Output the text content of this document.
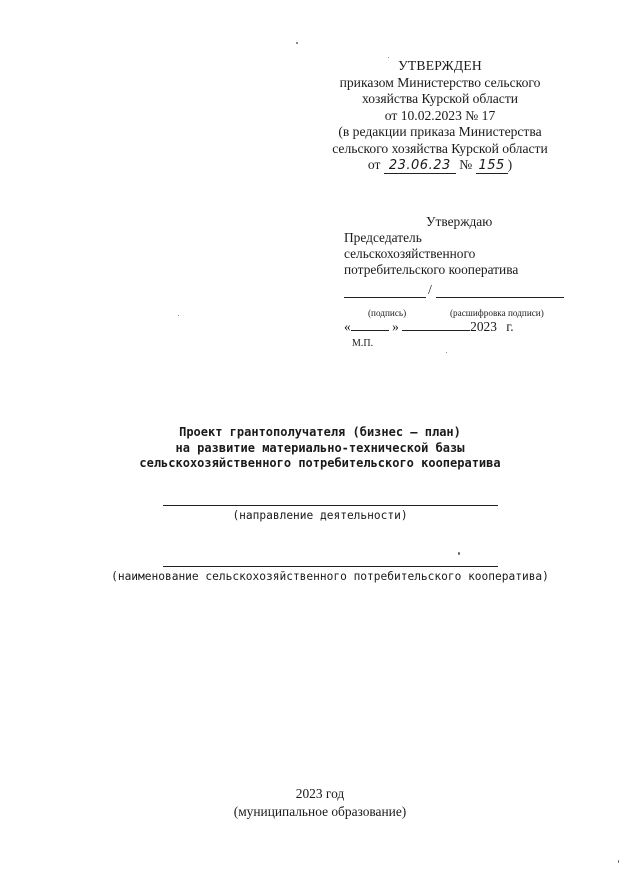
УТВЕРЖДЕН
приказом Министерство сельского
хозяйства Курской области
от 10.02.2023 № 17
(в редакции приказа Министерства
сельского хозяйства Курской области
от 23.06.23 № 155 )
Утверждаю
Председатель
сельскохозяйственного
потребительского кооператива
/
(подпись)	(расшифровка подписи)
«	»	2023 г.
М.П.
Проект грантополучателя (бизнес – план)
на развитие материально-технической базы
сельскохозяйственного потребительского кооператива
(направление деятельности)
(наименование сельскохозяйственного потребительского кооператива)
2023 год
(муниципальное образование)
